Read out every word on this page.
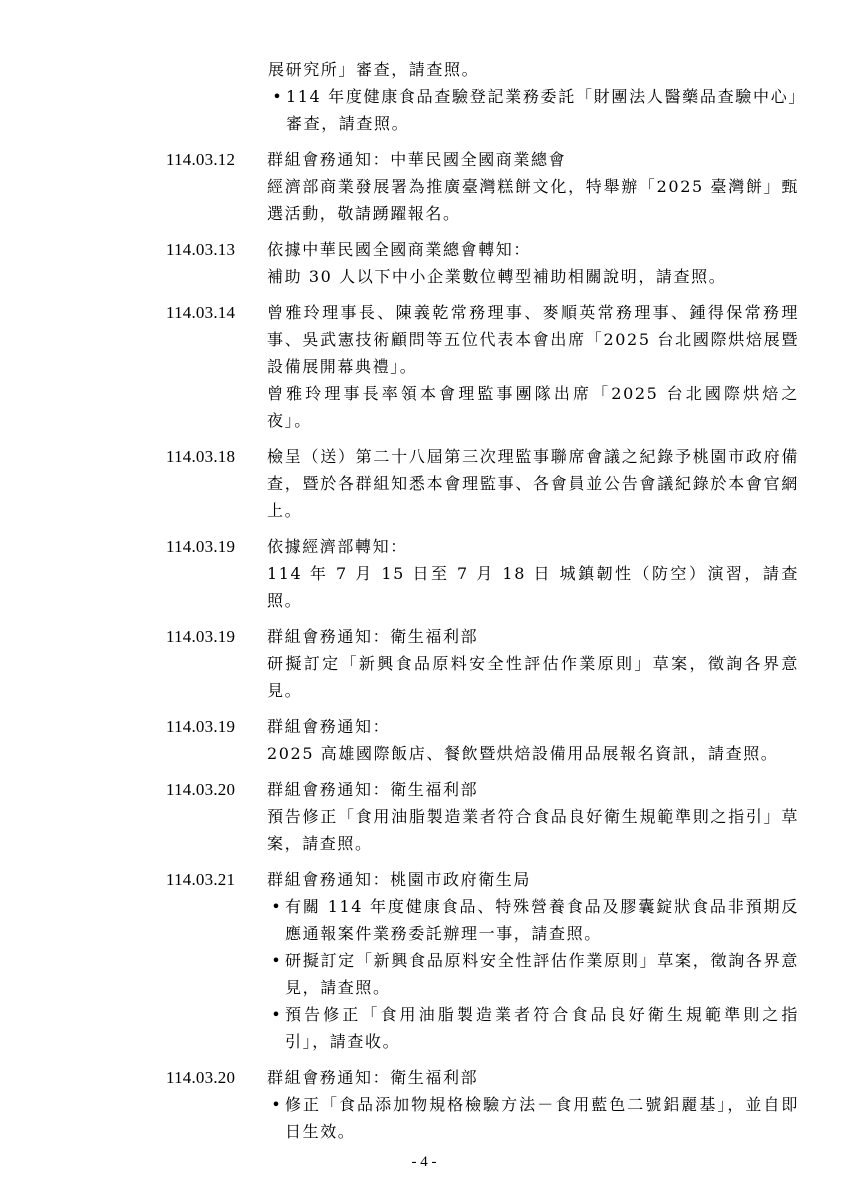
展研究所」審查，請查照。
• 114 年度健康食品查驗登記業務委託「財團法人醫藥品查驗中心」審查，請查照。
114.03.12	群組會務通知：中華民國全國商業總會
經濟部商業發展署為推廣臺灣糕餅文化，特舉辦「2025 臺灣餅」甄選活動，敬請踴躍報名。
114.03.13	依據中華民國全國商業總會轉知：
補助 30 人以下中小企業數位轉型補助相關說明，請查照。
114.03.14	曾雅玲理事長、陳義乾常務理事、麥順英常務理事、鍾得保常務理事、吳武憲技術顧問等五位代表本會出席「2025 台北國際烘焙展暨設備展開幕典禮」。
曾雅玲理事長率領本會理監事團隊出席「2025 台北國際烘焙之夜」。
114.03.18	檢呈（送）第二十八屆第三次理監事聯席會議之紀錄予桃園市政府備查，暨於各群組知悉本會理監事、各會員並公告會議紀錄於本會官網上。
114.03.19	依據經濟部轉知：
114 年 7 月 15 日至 7 月 18 日 城鎮韌性（防空）演習，請查照。
114.03.19	群組會務通知：衛生福利部
研擬訂定「新興食品原料安全性評估作業原則」草案，徵詢各界意見。
114.03.19	群組會務通知：
2025 高雄國際飯店、餐飲暨烘焙設備用品展報名資訊，請查照。
114.03.20	群組會務通知：衛生福利部
預告修正「食用油脂製造業者符合食品良好衛生規範準則之指引」草案，請查照。
114.03.21	群組會務通知：桃園市政府衛生局
• 有關 114 年度健康食品、特殊營養食品及膠囊錠狀食品非預期反應通報案件業務委託辦理一事，請查照。
• 研擬訂定「新興食品原料安全性評估作業原則」草案，徵詢各界意見，請查照。
• 預告修正「食用油脂製造業者符合食品良好衛生規範準則之指引」，請查收。
114.03.20	群組會務通知：衛生福利部
• 修正「食品添加物規格檢驗方法－食用藍色二號鋁麗基」，並自即日生效。
- 4 -
